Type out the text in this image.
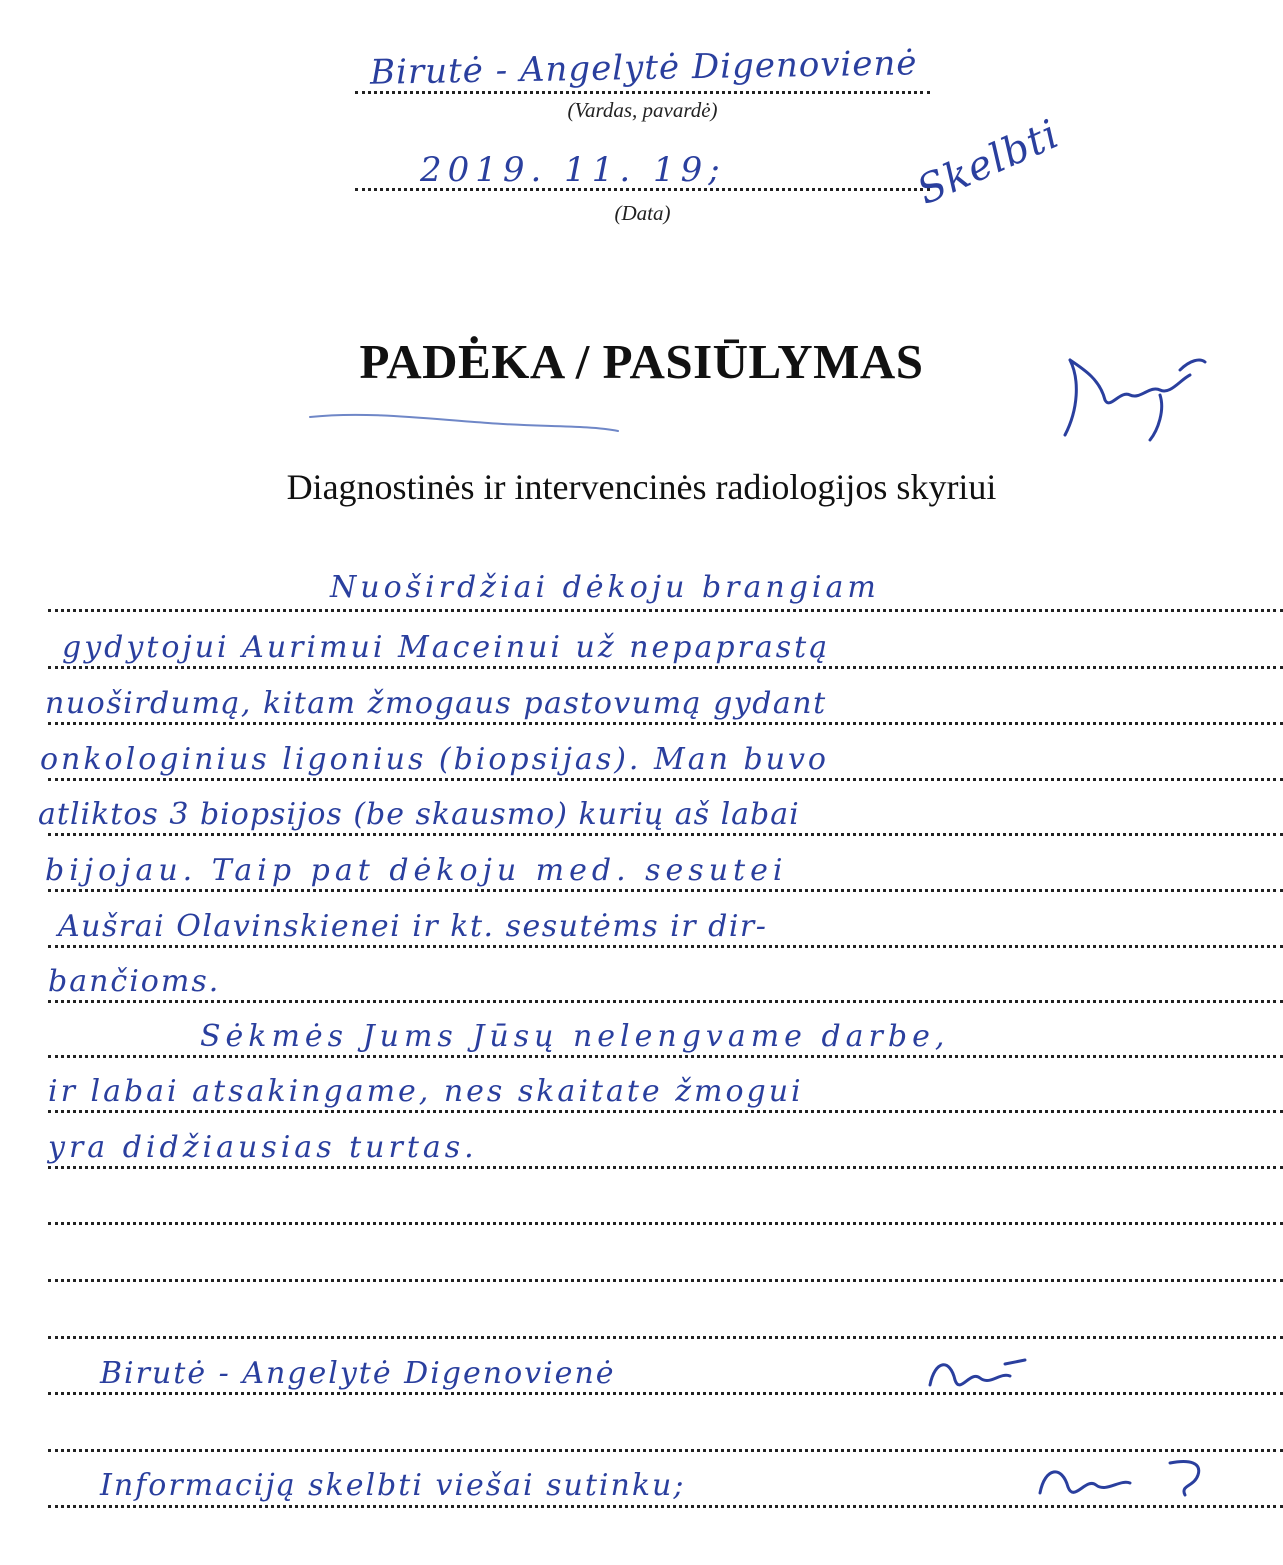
Birutė - Angelytė Digenovienė
(Vardas, pavardė)
2019. 11. 19;
(Data)	Skelbti
PADĖKA / PASIŪLYMAS
Diagnostinės ir intervencinės radiologijos skyriui
Nuoširdžiai dėkoju brangiam
gydytojui Aurimui Maceinui už nepaprastą
nuoširdumą, kitam žmogaus pastovumą gydant
onkologinius ligonius (biopsijas). Man buvo
atliktos 3 biopsijos (be skausmo) kurių aš labai
bijojau. Taip pat dėkoju med. sesutei
Aušrai Olavinskienei ir kt. sesutėms ir dir-
bančioms.
Sėkmės Jums Jūsų nelengvame darbe,
ir labai atsakingame, nes skaitate žmogui
yra didžiausias turtas.
Birutė - Angelytė Digenovienė
Informaciją skelbti viešai sutinku;
